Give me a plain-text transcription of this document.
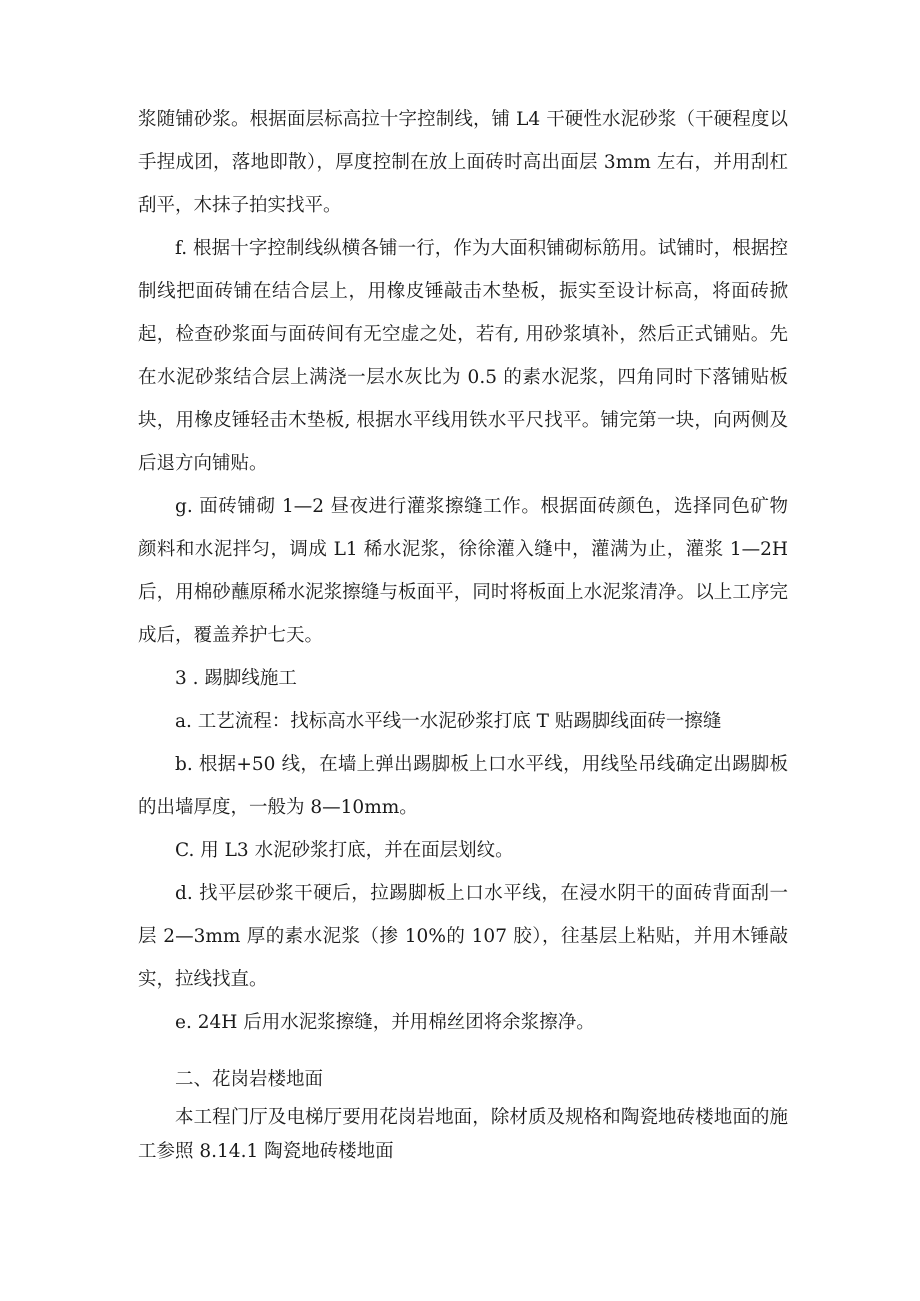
浆随铺砂浆。根据面层标高拉十字控制线，铺 L4 干硬性水泥砂浆（干硬程度以手捏成团，落地即散），厚度控制在放上面砖时高出面层 3mm 左右，并用刮杠刮平，木抹子拍实找平。

f. 根据十字控制线纵横各铺一行，作为大面积铺砌标筋用。试铺时，根据控制线把面砖铺在结合层上，用橡皮锤敲击木垫板，振实至设计标高，将面砖掀起，检查砂浆面与面砖间有无空虚之处，若有, 用砂浆填补，然后正式铺贴。先在水泥砂浆结合层上满浇一层水灰比为 0.5 的素水泥浆，四角同时下落铺贴板块，用橡皮锤轻击木垫板, 根据水平线用铁水平尺找平。铺完第一块，向两侧及后退方向铺贴。

g. 面砖铺砌 1—2 昼夜进行灌浆擦缝工作。根据面砖颜色，选择同色矿物颜料和水泥拌匀，调成 L1 稀水泥浆，徐徐灌入缝中，灌满为止，灌浆 1—2H 后，用棉砂蘸原稀水泥浆擦缝与板面平，同时将板面上水泥浆清净。以上工序完成后，覆盖养护七天。

3 . 踢脚线施工

a. 工艺流程：找标高水平线一水泥砂浆打底 T 贴踢脚线面砖一擦缝

b. 根据+50 线，在墙上弹出踢脚板上口水平线，用线坠吊线确定出踢脚板的出墙厚度，一般为 8—10mm。

C. 用 L3 水泥砂浆打底，并在面层划纹。

d. 找平层砂浆干硬后，拉踢脚板上口水平线，在浸水阴干的面砖背面刮一层 2—3mm 厚的素水泥浆（掺 10%的 107 胶），往基层上粘贴，并用木锤敲实，拉线找直。

e. 24H 后用水泥浆擦缝，并用棉丝团将余浆擦净。

二、花岗岩楼地面

本工程门厅及电梯厅要用花岗岩地面，除材质及规格和陶瓷地砖楼地面的施工参照 8.14.1 陶瓷地砖楼地面
